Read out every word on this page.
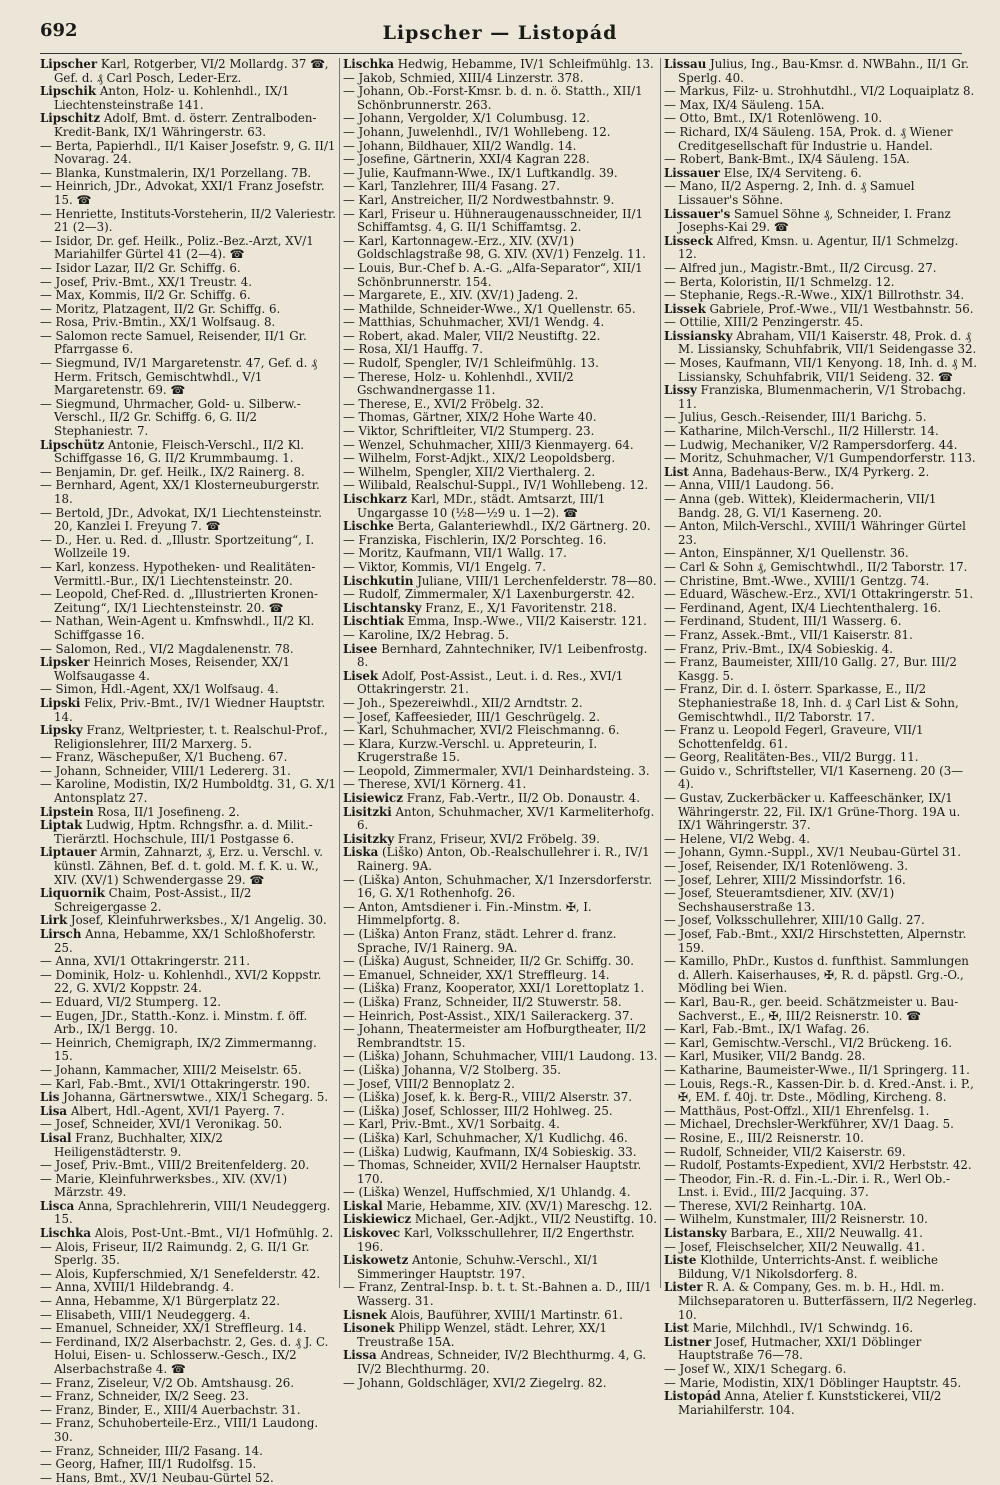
692	Lipscher — Listopád
Lipscher Karl, Rotgerber, VI/2 Mollardg. 37 ☎, Gef. d. ₰ Carl Posch, Leder-Erz.
Lipschik Anton, Holz- u. Kohlenhdl., IX/1 Liechtensteinstraße 141.
Lipschitz Adolf, Bmt. d. österr. Zentralboden-Kredit-Bank, IX/1 Währingerstr. 63.
— Berta, Papierhdl., II/1 Kaiser Josefstr. 9, G. II/1 Novarag. 24.
— Blanka, Kunstmalerin, IX/1 Porzellang. 7B.
— Heinrich, JDr., Advokat, XXI/1 Franz Josefstr. 15. ☎
— Henriette, Instituts-Vorsteherin, II/2 Valeriestr. 21 (2—3).
— Isidor, Dr. gef. Heilk., Poliz.-Bez.-Arzt, XV/1 Mariahilfer Gürtel 41 (2—4). ☎
— Isidor Lazar, II/2 Gr. Schiffg. 6.
— Josef, Priv.-Bmt., XX/1 Treustr. 4.
— Max, Kommis, II/2 Gr. Schiffg. 6.
— Moritz, Platzagent, II/2 Gr. Schiffg. 6.
— Rosa, Priv.-Bmtin., XX/1 Wolfsaug. 8.
— Salomon recte Samuel, Reisender, II/1 Gr. Pfarrgasse 6.
— Siegmund, IV/1 Margaretenstr. 47, Gef. d. ₰ Herm. Fritsch, Gemischtwhdl., V/1 Margaretenstr. 69. ☎
— Siegmund, Uhrmacher, Gold- u. Silberw.-Verschl., II/2 Gr. Schiffg. 6, G. II/2 Stephaniestr. 7.
Lipschütz Antonie, Fleisch-Verschl., II/2 Kl. Schiffgasse 16, G. II/2 Krummbaumg. 1.
— Benjamin, Dr. gef. Heilk., IX/2 Rainerg. 8.
— Bernhard, Agent, XX/1 Klosterneuburgerstr. 18.
— Bertold, JDr., Advokat, IX/1 Liechtensteinstr. 20, Kanzlei I. Freyung 7. ☎
— D., Her. u. Red. d. „Illustr. Sportzeitung“, I. Wollzeile 19.
— Karl, konzess. Hypotheken- und Realitäten-Vermittl.-Bur., IX/1 Liechtensteinstr. 20.
— Leopold, Chef-Red. d. „Illustrierten Kronen-Zeitung“, IX/1 Liechtensteinstr. 20. ☎
— Nathan, Wein-Agent u. Kmfnswhdl., II/2 Kl. Schiffgasse 16.
— Salomon, Red., VI/2 Magdalenenstr. 78.
Lipsker Heinrich Moses, Reisender, XX/1 Wolfsaugasse 4.
— Simon, Hdl.-Agent, XX/1 Wolfsaug. 4.
Lipski Felix, Priv.-Bmt., IV/1 Wiedner Hauptstr. 14.
Lipsky Franz, Weltpriester, t. t. Realschul-Prof., Religionslehrer, III/2 Marxerg. 5.
— Franz, Wäschepußer, X/1 Bucheng. 67.
— Johann, Schneider, VIII/1 Ledererg. 31.
— Karoline, Modistin, IX/2 Humboldtg. 31, G. X/1 Antonsplatz 27.
Lipstein Rosa, II/1 Josefineng. 2.
Liptak Ludwig, Hptm. Rchngsfhr. a. d. Milit.-Tierärztl. Hochschule, III/1 Postgasse 6.
Liptauer Armin, Zahnarzt, ₰, Erz. u. Verschl. v. künstl. Zähnen, Bef. d. t. gold. M. f. K. u. W., XIV. (XV/1) Schwendergasse 29. ☎
Liquornik Chaim, Post-Assist., II/2 Schreigergasse 2.
Lirk Josef, Kleinfuhrwerksbes., X/1 Angelig. 30.
Lirsch Anna, Hebamme, XX/1 Schloßhoferstr. 25.
— Anna, XVI/1 Ottakringerstr. 211.
— Dominik, Holz- u. Kohlenhdl., XVI/2 Koppstr. 22, G. XVI/2 Koppstr. 24.
— Eduard, VI/2 Stumperg. 12.
— Eugen, JDr., Statth.-Konz. i. Minstm. f. öff. Arb., IX/1 Bergg. 10.
— Heinrich, Chemigraph, IX/2 Zimmermanng. 15.
— Johann, Kammacher, XIII/2 Meiselstr. 65.
— Karl, Fab.-Bmt., XVI/1 Ottakringerstr. 190.
Lis Johanna, Gärtnerswtwe., XIX/1 Schegarg. 5.
Lisa Albert, Hdl.-Agent, XVI/1 Payerg. 7.
— Josef, Schneider, XVI/1 Veronikag. 50.
Lisal Franz, Buchhalter, XIX/2 Heiligenstädterstr. 9.
— Josef, Priv.-Bmt., VIII/2 Breitenfelderg. 20.
— Marie, Kleinfuhrwerksbes., XIV. (XV/1) Märzstr. 49.
Lisca Anna, Sprachlehrerin, VIII/1 Neudeggerg. 15.
Lischka Alois, Post-Unt.-Bmt., VI/1 Hofmühlg. 2.
— Alois, Friseur, II/2 Raimundg. 2, G. II/1 Gr. Sperlg. 35.
— Alois, Kupferschmied, X/1 Senefelderstr. 42.
— Anna, XVIII/1 Hildebrandg. 4.
— Anna, Hebamme, X/1 Bürgerplatz 22.
— Elisabeth, VIII/1 Neudeggerg. 4.
— Emanuel, Schneider, XX/1 Streffleurg. 14.
— Ferdinand, IX/2 Alserbachstr. 2, Ges. d. ₰ J. C. Holui, Eisen- u. Schlosserw.-Gesch., IX/2 Alserbachstraße 4. ☎
— Franz, Ziseleur, V/2 Ob. Amtshausg. 26.
— Franz, Schneider, IX/2 Seeg. 23.
— Franz, Binder, E., XIII/4 Auerbachstr. 31.
— Franz, Schuhoberteile-Erz., VIII/1 Laudong. 30.
— Franz, Schneider, III/2 Fasang. 14.
— Georg, Hafner, III/1 Rudolfsg. 15.
— Hans, Bmt., XV/1 Neubau-Gürtel 52.
Lischka Hedwig, Hebamme, IV/1 Schleifmühlg. 13.
— Jakob, Schmied, XIII/4 Linzerstr. 378.
— Johann, Ob.-Forst-Kmsr. b. d. n. ö. Statth., XII/1 Schönbrunnerstr. 263.
— Johann, Vergolder, X/1 Columbusg. 12.
— Johann, Juwelenhdl., IV/1 Wohllebeng. 12.
— Johann, Bildhauer, XII/2 Wandlg. 14.
— Josefine, Gärtnerin, XXI/4 Kagran 228.
— Julie, Kaufmann-Wwe., IX/1 Luftkandlg. 39.
— Karl, Tanzlehrer, III/4 Fasang. 27.
— Karl, Anstreicher, II/2 Nordwestbahnstr. 9.
— Karl, Friseur u. Hühneraugenausschneider, II/1 Schiffamtsg. 4, G. II/1 Schiffamtsg. 2.
— Karl, Kartonnagew.-Erz., XIV. (XV/1) Goldschlagstraße 98, G. XIV. (XV/1) Fenzelg. 11.
— Louis, Bur.-Chef b. A.-G. „Alfa-Separator“, XII/1 Schönbrunnerstr. 154.
— Margarete, E., XIV. (XV/1) Jadeng. 2.
— Mathilde, Schneider-Wwe., X/1 Quellenstr. 65.
— Matthias, Schuhmacher, XVI/1 Wendg. 4.
— Robert, akad. Maler, VII/2 Neustiftg. 22.
— Rosa, XI/1 Hauffg. 7.
— Rudolf, Spengler, IV/1 Schleifmühlg. 13.
— Therese, Holz- u. Kohlenhdl., XVII/2 Gschwandnergasse 11.
— Therese, E., XVI/2 Fröbelg. 32.
— Thomas, Gärtner, XIX/2 Hohe Warte 40.
— Viktor, Schriftleiter, VI/2 Stumperg. 23.
— Wenzel, Schuhmacher, XIII/3 Kienmayerg. 64.
— Wilhelm, Forst-Adjkt., XIX/2 Leopoldsberg.
— Wilhelm, Spengler, XII/2 Vierthalerg. 2.
— Wilibald, Realschul-Suppl., IV/1 Wohllebeng. 12.
Lischkarz Karl, MDr., städt. Amtsarzt, III/1 Ungargasse 10 (½8—½9 u. 1—2). ☎
Lischke Berta, Galanteriewhdl., IX/2 Gärtnerg. 20.
— Franziska, Fischlerin, IX/2 Porschteg. 16.
— Moritz, Kaufmann, VII/1 Wallg. 17.
— Viktor, Kommis, VI/1 Engelg. 7.
Lischkutin Juliane, VIII/1 Lerchenfelderstr. 78—80.
— Rudolf, Zimmermaler, X/1 Laxenburgerstr. 42.
Lischtansky Franz, E., X/1 Favoritenstr. 218.
Lischtiak Emma, Insp.-Wwe., VII/2 Kaiserstr. 121.
— Karoline, IX/2 Hebrag. 5.
Lisee Bernhard, Zahntechniker, IV/1 Leibenfrostg. 8.
Lisek Adolf, Post-Assist., Leut. i. d. Res., XVI/1 Ottakringerstr. 21.
— Joh., Spezereiwhdl., XII/2 Arndtstr. 2.
— Josef, Kaffeesieder, III/1 Geschrügelg. 2.
— Karl, Schuhmacher, XVI/2 Fleischmanng. 6.
— Klara, Kurzw.-Verschl. u. Appreteurin, I. Krugerstraße 15.
— Leopold, Zimmermaler, XVI/1 Deinhardsteing. 3.
— Therese, XVI/1 Körnerg. 41.
Lisiewicz Franz, Fab.-Vertr., II/2 Ob. Donaustr. 4.
Lisitzki Anton, Schuhmacher, XV/1 Karmeliterhofg. 6.
Lisitzky Franz, Friseur, XVI/2 Fröbelg. 39.
Liska (Liško) Anton, Ob.-Realschullehrer i. R., IV/1 Rainerg. 9A.
— (Liška) Anton, Schuhmacher, X/1 Inzersdorferstr. 16, G. X/1 Rothenhofg. 26.
— Anton, Amtsdiener i. Fin.-Minstm. ✠, I. Himmelpfortg. 8.
— (Liška) Anton Franz, städt. Lehrer d. franz. Sprache, IV/1 Rainerg. 9A.
— (Liška) August, Schneider, II/2 Gr. Schiffg. 30.
— Emanuel, Schneider, XX/1 Streffleurg. 14.
— (Liška) Franz, Kooperator, XXI/1 Lorettoplatz 1.
— (Liška) Franz, Schneider, II/2 Stuwerstr. 58.
— Heinrich, Post-Assist., XIX/1 Sailerackerg. 37.
— Johann, Theatermeister am Hofburgtheater, II/2 Rembrandtstr. 15.
— (Liška) Johann, Schuhmacher, VIII/1 Laudong. 13.
— (Liška) Johanna, V/2 Stolberg. 35.
— Josef, VIII/2 Bennoplatz 2.
— (Liška) Josef, k. k. Berg-R., VIII/2 Alserstr. 37.
— (Liška) Josef, Schlosser, III/2 Hohlweg. 25.
— Karl, Priv.-Bmt., XV/1 Sorbaitg. 4.
— (Liška) Karl, Schuhmacher, X/1 Kudlichg. 46.
— (Liška) Ludwig, Kaufmann, IX/4 Sobieskig. 33.
— Thomas, Schneider, XVII/2 Hernalser Hauptstr. 170.
— (Liška) Wenzel, Huffschmied, X/1 Uhlandg. 4.
Liskal Marie, Hebamme, XIV. (XV/1) Mareschg. 12.
Liskiewicz Michael, Ger.-Adjkt., VII/2 Neustiftg. 10.
Liskovec Karl, Volksschullehrer, II/2 Engerthstr. 196.
Liskowetz Antonie, Schuhw.-Verschl., XI/1 Simmeringer Hauptstr. 197.
— Franz, Zentral-Insp. b. t. t. St.-Bahnen a. D., III/1 Wasserg. 31.
Lisnek Alois, Bauführer, XVIII/1 Martinstr. 61.
Lisonek Philipp Wenzel, städt. Lehrer, XX/1 Treustraße 15A.
Lissa Andreas, Schneider, IV/2 Blechthurmg. 4, G. IV/2 Blechthurmg. 20.
— Johann, Goldschläger, XVI/2 Ziegelrg. 82.
Lissau Julius, Ing., Bau-Kmsr. d. NWBahn., II/1 Gr. Sperlg. 40.
— Markus, Filz- u. Strohhutdhl., VI/2 Loquaiplatz 8.
— Max, IX/4 Säuleng. 15A.
— Otto, Bmt., IX/1 Rotenlöweng. 10.
— Richard, IX/4 Säuleng. 15A, Prok. d. ₰ Wiener Creditgesellschaft für Industrie u. Handel.
— Robert, Bank-Bmt., IX/4 Säuleng. 15A.
Lissauer Else, IX/4 Serviteng. 6.
— Mano, II/2 Asperng. 2, Inh. d. ₰ Samuel Lissauer's Söhne.
Lissauer's Samuel Söhne ₰, Schneider, I. Franz Josephs-Kai 29. ☎
Lisseck Alfred, Kmsn. u. Agentur, II/1 Schmelzg. 12.
— Alfred jun., Magistr.-Bmt., II/2 Circusg. 27.
— Berta, Koloristin, II/1 Schmelzg. 12.
— Stephanie, Regs.-R.-Wwe., XIX/1 Billrothstr. 34.
Lissek Gabriele, Prof.-Wwe., VII/1 Westbahnstr. 56.
— Ottilie, XIII/2 Penzingerstr. 45.
Lissiansky Abraham, VII/1 Kaiserstr. 48, Prok. d. ₰ M. Lissiansky, Schuhfabrik, VII/1 Seidengasse 32.
— Moses, Kaufmann, VII/1 Kenyong. 18, Inh. d. ₰ M. Lissiansky, Schuhfabrik, VII/1 Seideng. 32. ☎
Lissy Franziska, Blumenmacherin, V/1 Strobachg. 11.
— Julius, Gesch.-Reisender, III/1 Barichg. 5.
— Katharine, Milch-Verschl., II/2 Hillerstr. 14.
— Ludwig, Mechaniker, V/2 Rampersdorferg. 44.
— Moritz, Schuhmacher, V/1 Gumpendorferstr. 113.
List Anna, Badehaus-Berw., IX/4 Pyrkerg. 2.
— Anna, VIII/1 Laudong. 56.
— Anna (geb. Wittek), Kleidermacherin, VII/1 Bandg. 28, G. VI/1 Kaserneng. 20.
— Anton, Milch-Verschl., XVIII/1 Währinger Gürtel 23.
— Anton, Einspänner, X/1 Quellenstr. 36.
— Carl & Sohn ₰, Gemischtwhdl., II/2 Taborstr. 17.
— Christine, Bmt.-Wwe., XVIII/1 Gentzg. 74.
— Eduard, Wäschew.-Erz., XVI/1 Ottakringerstr. 51.
— Ferdinand, Agent, IX/4 Liechtenthalerg. 16.
— Ferdinand, Student, III/1 Wasserg. 6.
— Franz, Assek.-Bmt., VII/1 Kaiserstr. 81.
— Franz, Priv.-Bmt., IX/4 Sobieskig. 4.
— Franz, Baumeister, XIII/10 Gallg. 27, Bur. III/2 Kasgg. 5.
— Franz, Dir. d. I. österr. Sparkasse, E., II/2 Stephaniestraße 18, Inh. d. ₰ Carl List & Sohn, Gemischtwhdl., II/2 Taborstr. 17.
— Franz u. Leopold Fegerl, Graveure, VII/1 Schottenfeldg. 61.
— Georg, Realitäten-Bes., VII/2 Burgg. 11.
— Guido v., Schriftsteller, VI/1 Kaserneng. 20 (3—4).
— Gustav, Zuckerbäcker u. Kaffeeschänker, IX/1 Währingerstr. 22, Fil. IX/1 Grüne-Thorg. 19A u. IX/1 Währingerstr. 37.
— Helene, VI/2 Webg. 4.
— Johann, Gymn.-Suppl., XV/1 Neubau-Gürtel 31.
— Josef, Reisender, IX/1 Rotenlöweng. 3.
— Josef, Lehrer, XIII/2 Missindorfstr. 16.
— Josef, Steueramtsdiener, XIV. (XV/1) Sechshauserstraße 13.
— Josef, Volksschullehrer, XIII/10 Gallg. 27.
— Josef, Fab.-Bmt., XXI/2 Hirschstetten, Alpernstr. 159.
— Kamillo, PhDr., Kustos d. funfthist. Sammlungen d. Allerh. Kaiserhauses, ✠, R. d. päpstl. Grg.-O., Mödling bei Wien.
— Karl, Bau-R., ger. beeid. Schätzmeister u. Bau-Sachverst., E., ✠, III/2 Reisnerstr. 10. ☎
— Karl, Fab.-Bmt., IX/1 Wafag. 26.
— Karl, Gemischtw.-Verschl., VI/2 Brückeng. 16.
— Karl, Musiker, VII/2 Bandg. 28.
— Katharine, Baumeister-Wwe., II/1 Springerg. 11.
— Louis, Regs.-R., Kassen-Dir. b. d. Kred.-Anst. i. P., ✠, EM. f. 40j. tr. Dste., Mödling, Kircheng. 8.
— Matthäus, Post-Offzl., XII/1 Ehrenfelsg. 1.
— Michael, Drechsler-Werkführer, XV/1 Daag. 5.
— Rosine, E., III/2 Reisnerstr. 10.
— Rudolf, Schneider, VII/2 Kaiserstr. 69.
— Rudolf, Postamts-Expedient, XVI/2 Herbststr. 42.
— Theodor, Fin.-R. d. Fin.-L.-Dir. i. R., Werl Ob.-Lnst. i. Evid., III/2 Jacquing. 37.
— Therese, XVI/2 Reinhartg. 10A.
— Wilhelm, Kunstmaler, III/2 Reisnerstr. 10.
Listansky Barbara, E., XII/2 Neuwallg. 41.
— Josef, Fleischselcher, XII/2 Neuwallg. 41.
Liste Klothilde, Unterrichts-Anst. f. weibliche Bildung, V/1 Nikolsdorferg. 8.
Lister R. A. & Company, Ges. m. b. H., Hdl. m. Milchseparatoren u. Butterfässern, II/2 Negerleg. 10.
List Marie, Milchhdl., IV/1 Schwindg. 16.
Listner Josef, Hutmacher, XXI/1 Döblinger Hauptstraße 76—78.
— Josef W., XIX/1 Schegarg. 6.
— Marie, Modistin, XIX/1 Döblinger Hauptstr. 45.
Listopád Anna, Atelier f. Kunststickerei, VII/2 Mariahilferstr. 104.
